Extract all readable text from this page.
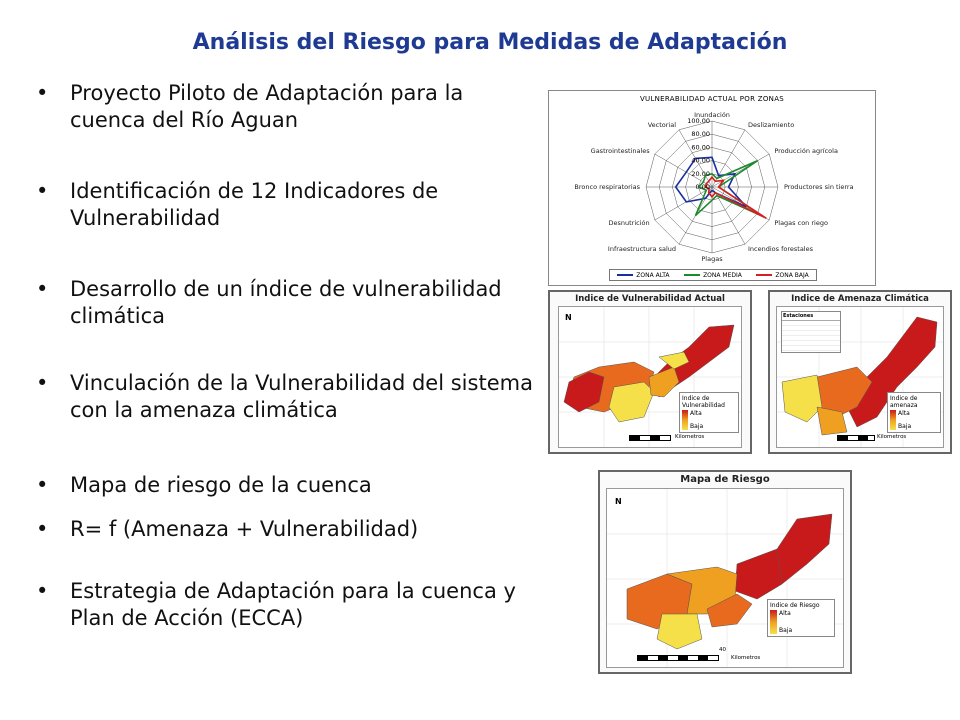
Análisis del Riesgo para Medidas de Adaptación
• Proyecto Piloto de Adaptación para la cuenca del Río Aguan
• Identificación de 12 Indicadores de Vulnerabilidad
• Desarrollo de un índice de vulnerabilidad climática
• Vinculación de la Vulnerabilidad del sistema con la amenaza climática
• Mapa de riesgo de la cuenca
• R= f (Amenaza + Vulnerabilidad)
• Estrategia de Adaptación para la cuenca y Plan de Acción (ECCA)
VULNERABILIDAD ACTUAL POR ZONAS
100.00
80.00
60.00
40.00
20.00
0.00
Inundación
Deslizamiento
Producción agrícola
Productores sin tierra
Plagas con riego
Incendios forestales
Plagas
Infraestructura salud
Desnutrición
Bronco respiratorias
Gastrointestinales
Vectorial
ZONA ALTA	ZONA MEDIA	ZONA BAJA
Indice de Vulnerabilidad Actual
N
Indice de Vulnerabilidad
Alta
Baja
Kilometros
Indice de Amenaza Climática
Estaciones
Indice de amenaza
Alta
Baja
Kilometros
Mapa de Riesgo
N
Indice de Riesgo
Alta
Baja
40
Kilometros
